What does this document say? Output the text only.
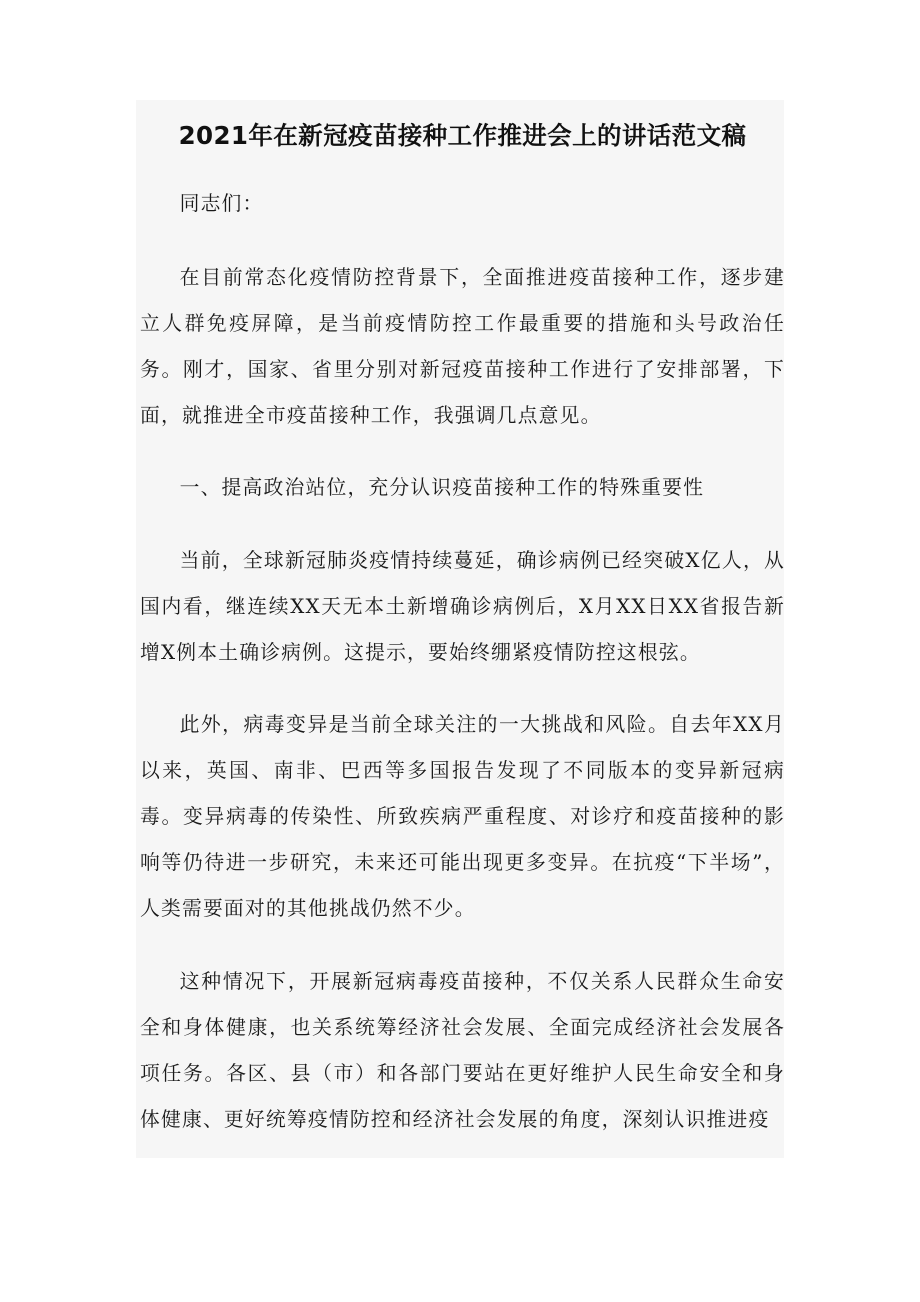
2021年在新冠疫苗接种工作推进会上的讲话范文稿

同志们：

在目前常态化疫情防控背景下，全面推进疫苗接种工作，逐步建立人群免疫屏障，是当前疫情防控工作最重要的措施和头号政治任务。刚才，国家、省里分别对新冠疫苗接种工作进行了安排部署，下面，就推进全市疫苗接种工作，我强调几点意见。

一、提高政治站位，充分认识疫苗接种工作的特殊重要性

当前，全球新冠肺炎疫情持续蔓延，确诊病例已经突破X亿人，从国内看，继连续XX天无本土新增确诊病例后，X月XX日XX省报告新增X例本土确诊病例。这提示，要始终绷紧疫情防控这根弦。

此外，病毒变异是当前全球关注的一大挑战和风险。自去年XX月以来，英国、南非、巴西等多国报告发现了不同版本的变异新冠病毒。变异病毒的传染性、所致疾病严重程度、对诊疗和疫苗接种的影响等仍待进一步研究，未来还可能出现更多变异。在抗疫“下半场”，人类需要面对的其他挑战仍然不少。

这种情况下，开展新冠病毒疫苗接种，不仅关系人民群众生命安全和身体健康，也关系统筹经济社会发展、全面完成经济社会发展各项任务。各区、县（市）和各部门要站在更好维护人民生命安全和身体健康、更好统筹疫情防控和经济社会发展的角度，深刻认识推进疫
